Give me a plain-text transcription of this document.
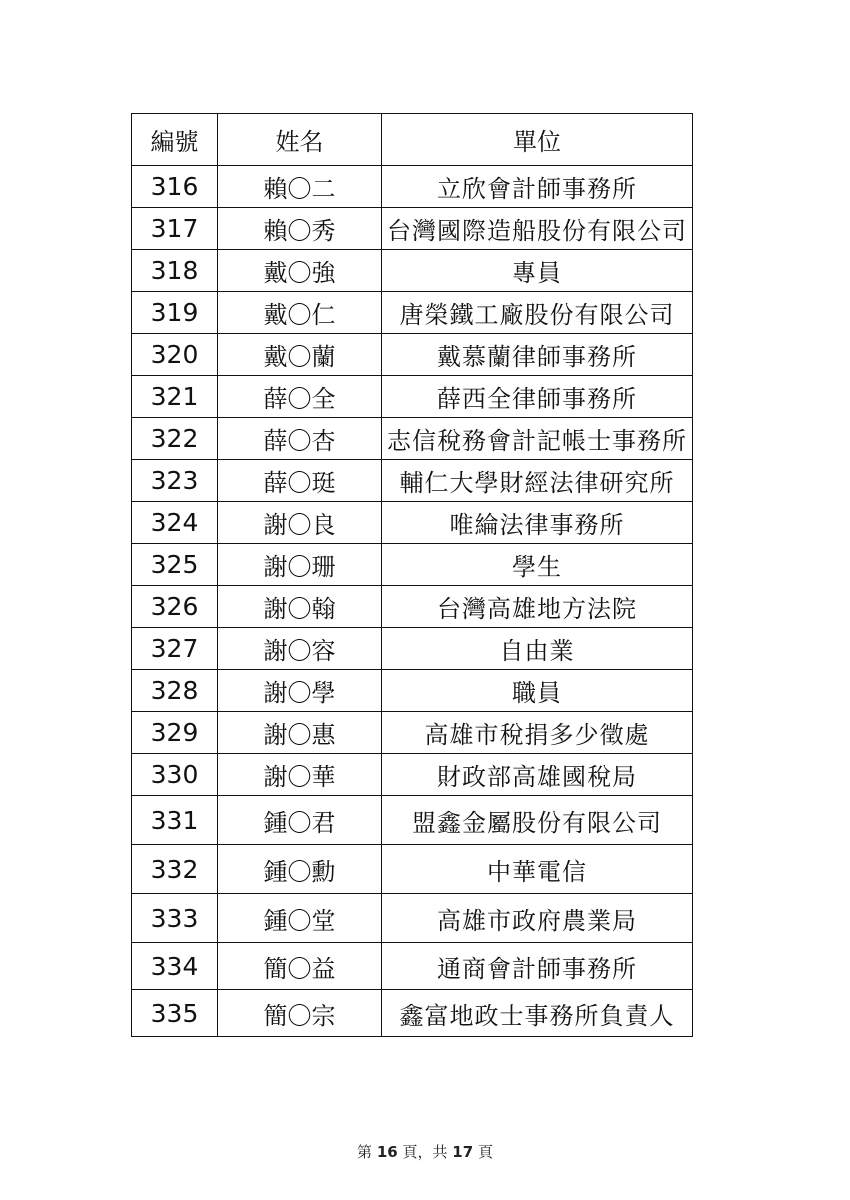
編號	姓名	單位
316	賴〇二	立欣會計師事務所
317	賴〇秀	台灣國際造船股份有限公司
318	戴〇強	專員
319	戴〇仁	唐榮鐵工廠股份有限公司
320	戴〇蘭	戴慕蘭律師事務所
321	薛〇全	薛西全律師事務所
322	薛〇杏	志信稅務會計記帳士事務所
323	薛〇珽	輔仁大學財經法律研究所
324	謝〇良	唯綸法律事務所
325	謝〇珊	學生
326	謝〇翰	台灣高雄地方法院
327	謝〇容	自由業
328	謝〇學	職員
329	謝〇惠	高雄市稅捐多少徵處
330	謝〇華	財政部高雄國稅局
331	鍾〇君	盟鑫金屬股份有限公司
332	鍾〇勳	中華電信
333	鍾〇堂	高雄市政府農業局
334	簡〇益	通商會計師事務所
335	簡〇宗	鑫富地政士事務所負責人
第 16 頁，共 17 頁
